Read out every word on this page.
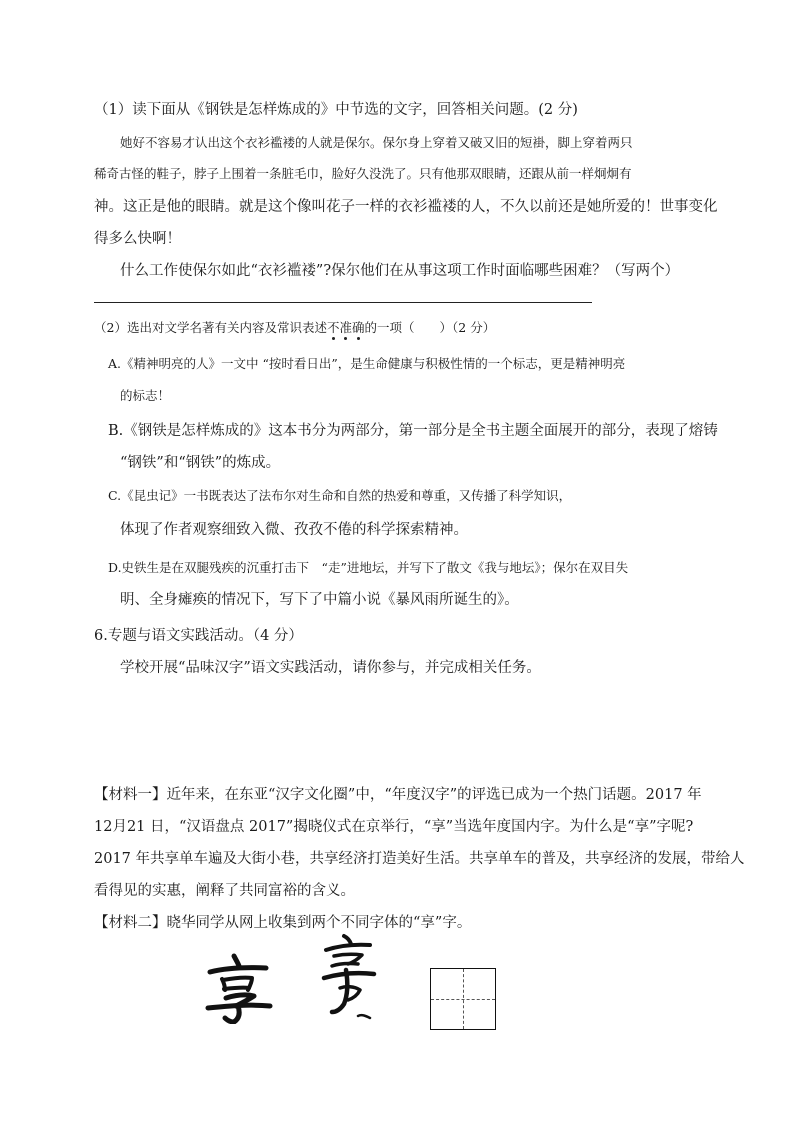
（1）读下面从《钢铁是怎样炼成的》中节选的文字，回答相关问题。(2 分)
她好不容易才认出这个衣衫褴褛的人就是保尔。保尔身上穿着又破又旧的短褂，脚上穿着两只
稀奇古怪的鞋子，脖子上围着一条脏毛巾，脸好久没洗了。只有他那双眼睛，还跟从前一样炯炯有
神。这正是他的眼睛。就是这个像叫花子一样的衣衫褴褛的人，不久以前还是她所爱的！世事变化
得多么快啊！
什么工作使保尔如此“衣衫褴褛”?保尔他们在从事这项工作时面临哪些困难？（写两个）
（2）选出对文学名著有关内容及常识表述不准确的一项（　　）（2 分）
A.《精神明亮的人》一文中 “按时看日出”，是生命健康与积极性情的一个标志，更是精神明亮
的标志！
B.《钢铁是怎样炼成的》这本书分为两部分，第一部分是全书主题全面展开的部分，表现了熔铸
“钢铁”和“钢铁”的炼成。
C.《昆虫记》一书既表达了法布尔对生命和自然的热爱和尊重，又传播了科学知识，
体现了作者观察细致入微、孜孜不倦的科学探索精神。
D.史铁生是在双腿残疾的沉重打击下　“走”进地坛，并写下了散文《我与地坛》；保尔在双目失
明、全身瘫痪的情况下，写下了中篇小说《暴风雨所诞生的》。
6.专题与语文实践活动。（4 分）
学校开展“品味汉字”语文实践活动，请你参与，并完成相关任务。
【材料一】近年来，在东亚“汉字文化圈”中，“年度汉字”的评选已成为一个热门话题。2017 年
12月21 日，“汉语盘点 2017”揭晓仪式在京举行，“享”当选年度国内字。为什么是“享”字呢?
2017 年共享单车遍及大街小巷，共享经济打造美好生活。共享单车的普及，共享经济的发展，带给人
看得见的实惠，阐释了共同富裕的含义。
【材料二】晓华同学从网上收集到两个不同字体的“享”字。
